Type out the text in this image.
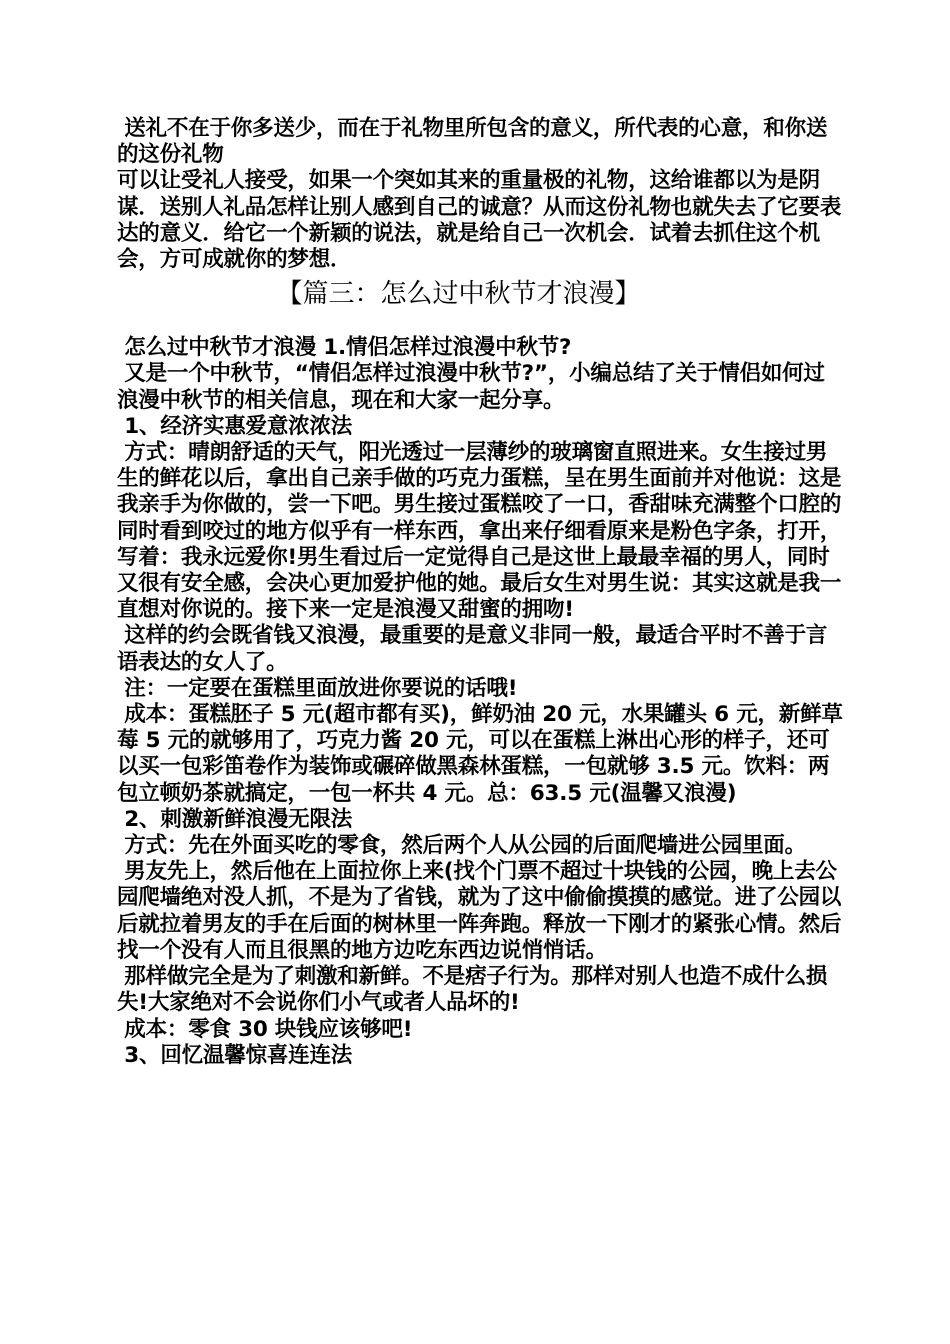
送礼不在于你多送少，而在于礼物里所包含的意义，所代表的心意，和你送的这份礼物

可以让受礼人接受，如果一个突如其来的重量极的礼物，这给谁都以为是阴谋．送别人礼品怎样让别人感到自己的诚意？从而这份礼物也就失去了它要表达的意义．给它一个新颖的说法，就是给自己一次机会．试着去抓住这个机会，方可成就你的梦想．

【篇三：怎么过中秋节才浪漫】

怎么过中秋节才浪漫 1.情侣怎样过浪漫中秋节?

又是一个中秋节，“情侣怎样过浪漫中秋节?”，小编总结了关于情侣如何过浪漫中秋节的相关信息，现在和大家一起分享。

1、经济实惠爱意浓浓法

方式：晴朗舒适的天气，阳光透过一层薄纱的玻璃窗直照进来。女生接过男生的鲜花以后，拿出自己亲手做的巧克力蛋糕，呈在男生面前并对他说：这是我亲手为你做的，尝一下吧。男生接过蛋糕咬了一口，香甜味充满整个口腔的同时看到咬过的地方似乎有一样东西，拿出来仔细看原来是粉色字条，打开，写着：我永远爱你!男生看过后一定觉得自己是这世上最最幸福的男人，同时又很有安全感，会决心更加爱护他的她。最后女生对男生说：其实这就是我一直想对你说的。接下来一定是浪漫又甜蜜的拥吻!

这样的约会既省钱又浪漫，最重要的是意义非同一般，最适合平时不善于言语表达的女人了。

注：一定要在蛋糕里面放进你要说的话哦!

成本：蛋糕胚子 5 元(超市都有买)，鲜奶油 20 元，水果罐头 6 元，新鲜草莓 5 元的就够用了，巧克力酱 20 元，可以在蛋糕上淋出心形的样子，还可以买一包彩笛卷作为装饰或碾碎做黑森林蛋糕，一包就够 3.5 元。饮料：两包立顿奶茶就搞定，一包一杯共 4 元。总：63.5 元(温馨又浪漫)

2、刺激新鲜浪漫无限法

方式：先在外面买吃的零食，然后两个人从公园的后面爬墙进公园里面。

男友先上，然后他在上面拉你上来(找个门票不超过十块钱的公园，晚上去公园爬墙绝对没人抓，不是为了省钱，就为了这中偷偷摸摸的感觉。进了公园以后就拉着男友的手在后面的树林里一阵奔跑。释放一下刚才的紧张心情。然后找一个没有人而且很黑的地方边吃东西边说悄悄话。

那样做完全是为了刺激和新鲜。不是痞子行为。那样对别人也造不成什么损失!大家绝对不会说你们小气或者人品坏的!

成本：零食 30 块钱应该够吧!

3、回忆温馨惊喜连连法
